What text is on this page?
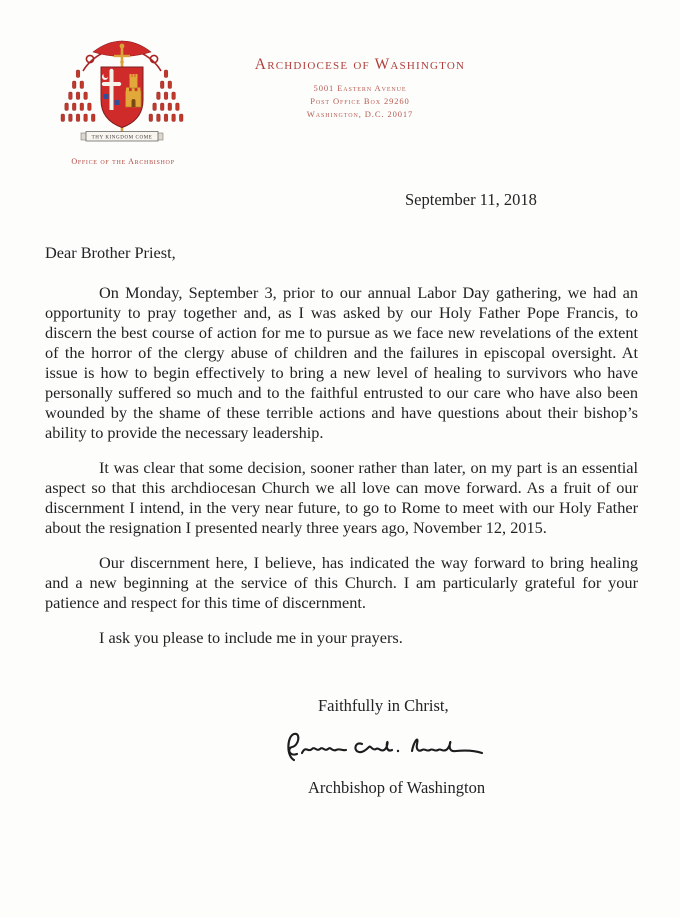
THY KINGDOM COME
Office of the Archbishop
Archdiocese of Washington
5001 Eastern Avenue
Post Office Box 29260
Washington, D.C. 20017
September 11, 2018

Dear Brother Priest,

On Monday, September 3, prior to our annual Labor Day gathering, we had an opportunity to pray together and, as I was asked by our Holy Father Pope Francis, to discern the best course of action for me to pursue as we face new revelations of the extent of the horror of the clergy abuse of children and the failures in episcopal oversight. At issue is how to begin effectively to bring a new level of healing to survivors who have personally suffered so much and to the faithful entrusted to our care who have also been wounded by the shame of these terrible actions and have questions about their bishop’s ability to provide the necessary leadership.

It was clear that some decision, sooner rather than later, on my part is an essential aspect so that this archdiocesan Church we all love can move forward. As a fruit of our discernment I intend, in the very near future, to go to Rome to meet with our Holy Father about the resignation I presented nearly three years ago, November 12, 2015.

Our discernment here, I believe, has indicated the way forward to bring healing and a new beginning at the service of this Church. I am particularly grateful for your patience and respect for this time of discernment.

I ask you please to include me in your prayers.

Faithfully in Christ,
Archbishop of Washington
